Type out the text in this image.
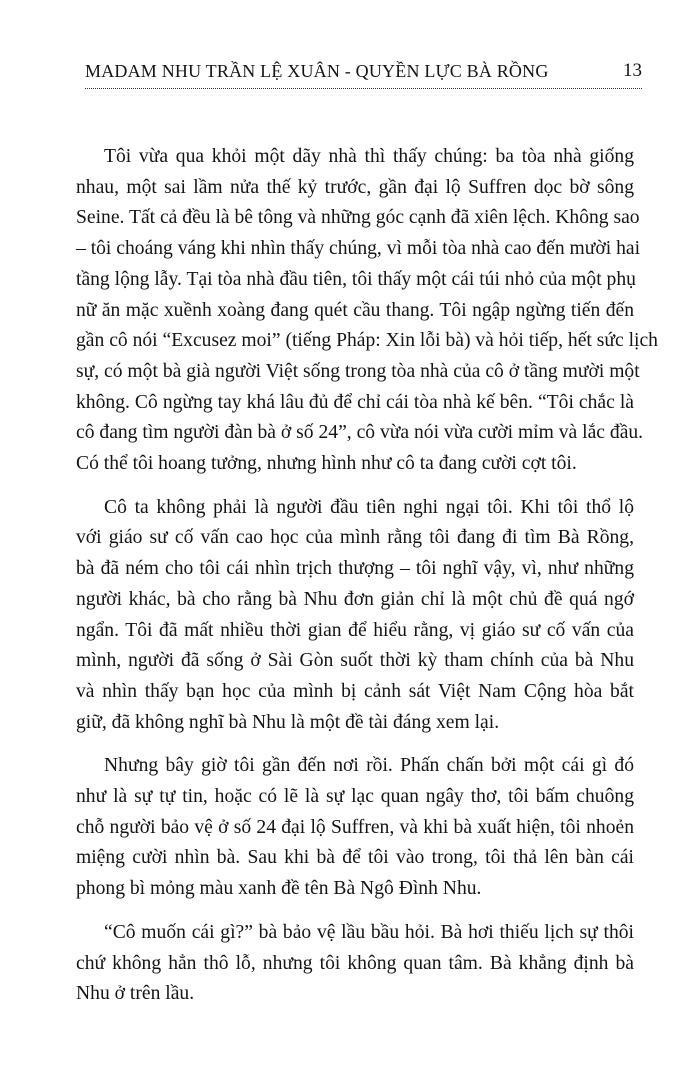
MADAM NHU TRẦN LỆ XUÂN - QUYỀN LỰC BÀ RỒNG	13

Tôi vừa qua khỏi một dãy nhà thì thấy chúng: ba tòa nhà giống
nhau, một sai lầm nửa thế kỷ trước, gần đại lộ Suffren dọc bờ sông
Seine. Tất cả đều là bê tông và những góc cạnh đã xiên lệch. Không sao
– tôi choáng váng khi nhìn thấy chúng, vì mỗi tòa nhà cao đến mười hai
tầng lộng lẫy. Tại tòa nhà đầu tiên, tôi thấy một cái túi nhỏ của một phụ
nữ ăn mặc xuềnh xoàng đang quét cầu thang. Tôi ngập ngừng tiến đến
gần cô nói “Excusez moi” (tiếng Pháp: Xin lỗi bà) và hỏi tiếp, hết sức lịch
sự, có một bà già người Việt sống trong tòa nhà của cô ở tầng mười một
không. Cô ngừng tay khá lâu đủ để chỉ cái tòa nhà kế bên. “Tôi chắc là
cô đang tìm người đàn bà ở số 24”, cô vừa nói vừa cười mỉm và lắc đầu.
Có thể tôi hoang tưởng, nhưng hình như cô ta đang cười cợt tôi.

Cô ta không phải là người đầu tiên nghi ngại tôi. Khi tôi thổ lộ
với giáo sư cố vấn cao học của mình rằng tôi đang đi tìm Bà Rồng,
bà đã ném cho tôi cái nhìn trịch thượng – tôi nghĩ vậy, vì, như những
người khác, bà cho rằng bà Nhu đơn giản chỉ là một chủ đề quá ngớ
ngẩn. Tôi đã mất nhiều thời gian để hiểu rằng, vị giáo sư cố vấn của
mình, người đã sống ở Sài Gòn suốt thời kỳ tham chính của bà Nhu
và nhìn thấy bạn học của mình bị cảnh sát Việt Nam Cộng hòa bắt
giữ, đã không nghĩ bà Nhu là một đề tài đáng xem lại.

Nhưng bây giờ tôi gần đến nơi rồi. Phấn chấn bởi một cái gì đó
như là sự tự tin, hoặc có lẽ là sự lạc quan ngây thơ, tôi bấm chuông
chỗ người bảo vệ ở số 24 đại lộ Suffren, và khi bà xuất hiện, tôi nhoẻn
miệng cười nhìn bà. Sau khi bà để tôi vào trong, tôi thả lên bàn cái
phong bì mỏng màu xanh đề tên Bà Ngô Đình Nhu.

“Cô muốn cái gì?” bà bảo vệ lầu bầu hỏi. Bà hơi thiếu lịch sự thôi
chứ không hẳn thô lỗ, nhưng tôi không quan tâm. Bà khẳng định bà
Nhu ở trên lầu.
